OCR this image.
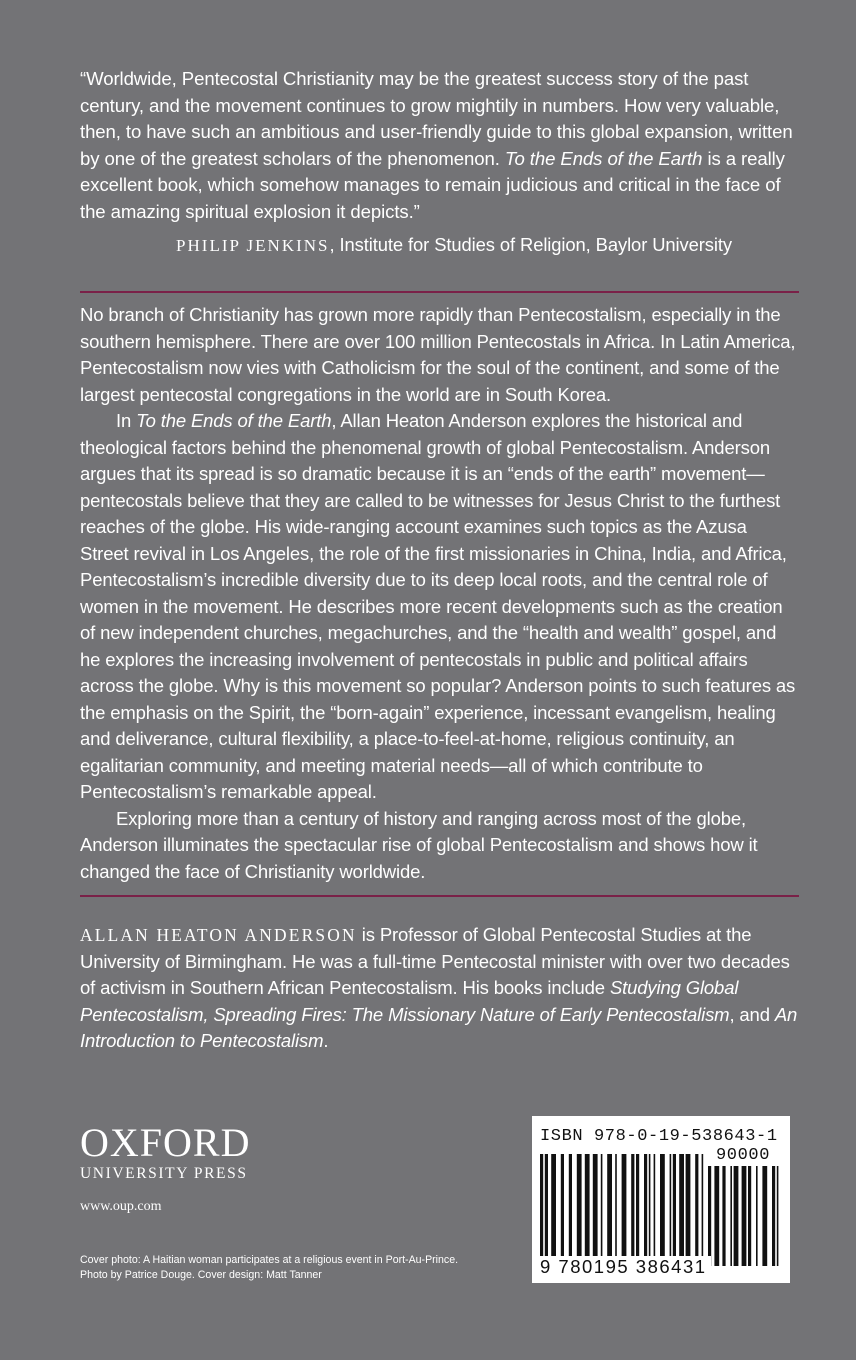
“Worldwide, Pentecostal Christianity may be the greatest success story of the past century, and the movement continues to grow mightily in numbers. How very valuable, then, to have such an ambitious and user-friendly guide to this global expansion, written by one of the greatest scholars of the phenomenon. To the Ends of the Earth is a really excellent book, which somehow manages to remain judicious and critical in the face of the amazing spiritual explosion it depicts.”

PHILIP JENKINS, Institute for Studies of Religion, Baylor University

No branch of Christianity has grown more rapidly than Pentecostalism, especially in the southern hemisphere. There are over 100 million Pentecostals in Africa. In Latin America, Pentecostalism now vies with Catholicism for the soul of the continent, and some of the largest pentecostal congregations in the world are in South Korea.

In To the Ends of the Earth, Allan Heaton Anderson explores the historical and theological factors behind the phenomenal growth of global Pentecostalism. Anderson argues that its spread is so dramatic because it is an “ends of the earth” movement—pentecostals believe that they are called to be witnesses for Jesus Christ to the furthest reaches of the globe. His wide-ranging account examines such topics as the Azusa Street revival in Los Angeles, the role of the first missionaries in China, India, and Africa, Pentecostalism’s incredible diversity due to its deep local roots, and the central role of women in the movement. He describes more recent developments such as the creation of new independent churches, megachurches, and the “health and wealth” gospel, and he explores the increasing involvement of pentecostals in public and political affairs across the globe. Why is this movement so popular? Anderson points to such features as the emphasis on the Spirit, the “born-again” experience, incessant evangelism, healing and deliverance, cultural flexibility, a place-to-feel-at-home, religious continuity, an egalitarian community, and meeting material needs—all of which contribute to Pentecostalism’s remarkable appeal.

Exploring more than a century of history and ranging across most of the globe, Anderson illuminates the spectacular rise of global Pentecostalism and shows how it changed the face of Christianity worldwide.

ALLAN HEATON ANDERSON is Professor of Global Pentecostal Studies at the University of Birmingham. He was a full-time Pentecostal minister with over two decades of activism in Southern African Pentecostalism. His books include Studying Global Pentecostalism, Spreading Fires: The Missionary Nature of Early Pentecostalism, and An Introduction to Pentecostalism.
OXFORD
UNIVERSITY PRESS
www.oup.com
Cover photo: A Haitian woman participates at a religious event in Port-Au-Prince.
Photo by Patrice Douge. Cover design: Matt Tanner
ISBN 978-0-19-538643-1
90000
9 780195 386431
